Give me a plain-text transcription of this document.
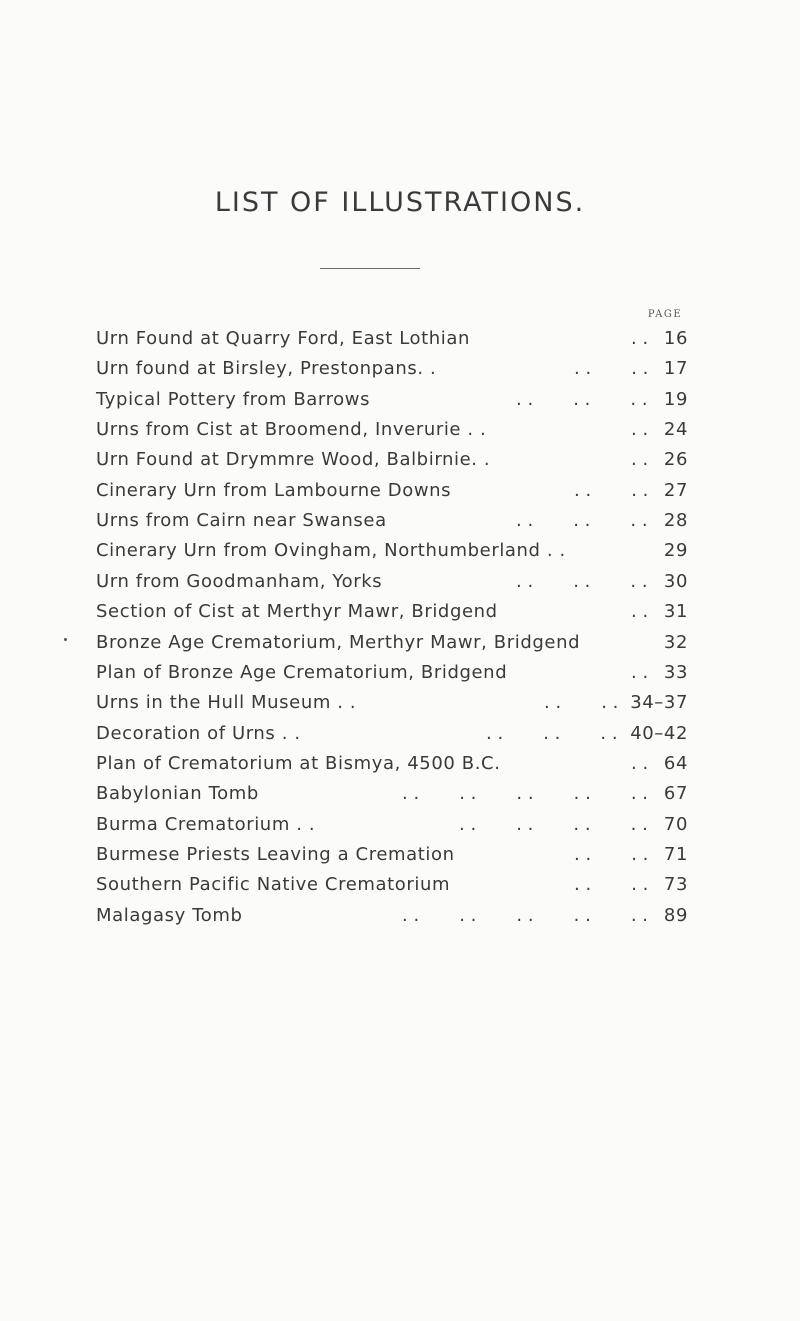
LIST OF ILLUSTRATIONS.
PAGE
Urn Found at Quarry Ford, East Lothian	. . 16
Urn found at Birsley, Prestonpans. .	. .       . . 17
Typical Pottery from Barrows	. .       . .       . . 19
Urns from Cist at Broomend, Inverurie . .	. . 24
Urn Found at Drymmre Wood, Balbirnie. .	. . 26
Cinerary Urn from Lambourne Downs	. .       . . 27
Urns from Cairn near Swansea	. .       . .       . . 28
Cinerary Urn from Ovingham, Northumberland . .	29
Urn from Goodmanham, Yorks	. .       . .       . . 30
Section of Cist at Merthyr Mawr, Bridgend	. . 31
Bronze Age Crematorium, Merthyr Mawr, Bridgend	32
Plan of Bronze Age Crematorium, Bridgend	. . 33
Urns in the Hull Museum . .	. .       . . 34–37
Decoration of Urns . .	. .       . .       . . 40–42
Plan of Crematorium at Bismya, 4500 B.C.	. . 64
Babylonian Tomb	. .       . .       . .       . .       . . 67
Burma Crematorium . .	. .       . .       . .       . . 70
Burmese Priests Leaving a Cremation	. .       . . 71
Southern Pacific Native Crematorium	. .       . . 73
Malagasy Tomb	. .       . .       . .       . .       . . 89
